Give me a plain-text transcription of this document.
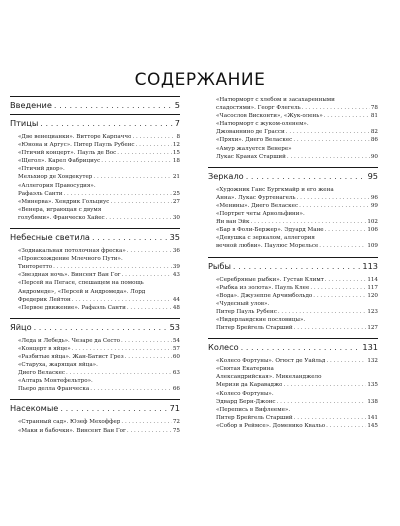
СОДЕРЖАНИЕ
Введение . . .	5
Птицы . . .	7
«Две венецианки». Витторе Карпаччо . . .	8
«Юнона и Аргус». Питер Пауль Рубенс . . .	12
«Птичий концерт». Пауль де Вос . . .	15
«Щегол». Карел Фабрициус . . .	18
«Птичий двор».
Мельхиор де Хондекутер . . .	21
«Аллегория Правосудия».
Рафаэль Санти . . .	25
«Минерва». Хендрик Гольциус . . .	27
«Венера, играющая с двумя
голубями». Франческо Хайес . . .	30
Небесные светила . . .	35
«Зодиакальная потолочная фреска» . . .	36
«Происхождение Млечного Пути».
Тинторетто . . .	39
«Звездная ночь». Винсент Ван Гог . . .	43
«Персей на Пегасе, спешащем на помощь
Андромеде», «Персей и Андромеда». Лорд
Фредерик Лейтон . . .	44
«Первое движение». Рафаэль Санти . . .	48
Яйцо . . .	53
«Леда и Лебедь». Чезаре да Сесто . . .	54
«Концерт в яйце» . . .	57
«Разбитые яйца». Жан-Батист Грез . . .	60
«Старуха, жарящая яйца».
Диего Веласкес . . .	63
«Алтарь Монтефельтро».
Пьеро делла Франческа . . .	66
Насекомые . . .	71
«Странный сад». Юзеф Мехоффер . . .	72
«Маки и бабочки». Винсент Ван Гог . . .	75
«Натюрморт с хлебом и засахаренными
сладостями». Георг Флегель . . .	78
«Часослов Висконти», «Жук-олень» . . .	81
«Натюрморт с жуком-оленем».
Джованнино де Грасси . . .	82
«Пряхи». Диего Веласкес . . .	86
«Амур жалуется Венере»
Лукас Кранах Старший . . .	90
Зеркало . . .	95
«Художник Ганс Бургкмайр и его жена
Анна». Лукас Фуртенагель . . .	96
«Менины». Диего Веласкес . . .	99
«Портрет четы Арнольфини».
Ян ван Эйк . . .	102
«Бар в Фоли-Бержер». Эдуард Мане . . .	106
«Девушка с зеркалом, аллегория
вечной любви». Паулюс Морельсе . . .	109
Рыбы . . .	113
«Серебряные рыбки». Густав Климт . . .	114
«Рыбка из золота». Пауль Клее . . .	117
«Вода». Джузеппе Арчимбольдо . . .	120
«Чудесный улов».
Питер Пауль Рубенс . . .	123
«Нидерландские пословицы».
Питер Брейгель Старший . . .	127
Колесо . . .	131
«Колесо Фортуны». Огюст де Уайльд . . .	132
«Святая Екатерина
Александрийская». Микеланджело
Меризи да Караваджо . . .	135
«Колесо Фортуны».
Эдвард Берн-Джонс . . .	138
«Перепись в Вифлееме».
Питер Брейгель Старший . . .	141
«Собор в Реймсе». Доменико Квальо . . .	145
